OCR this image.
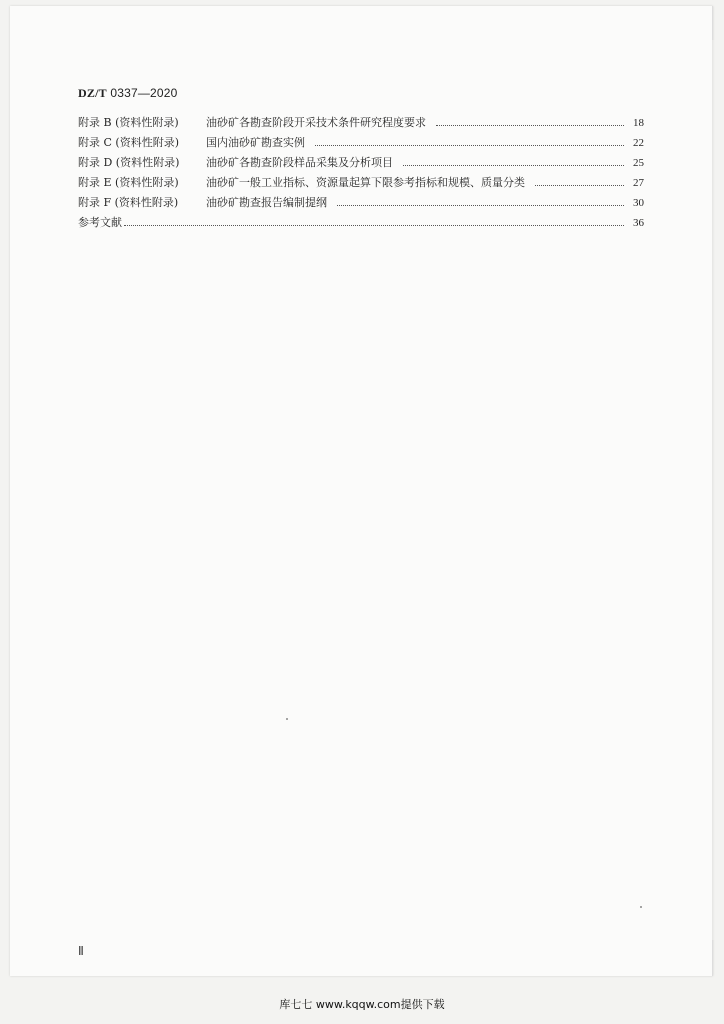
DZ/T 0337—2020
附录 B (资料性附录)	油砂矿各勘查阶段开采技术条件研究程度要求	18
附录 C (资料性附录)	国内油砂矿勘查实例	22
附录 D (资料性附录)	油砂矿各勘查阶段样品采集及分析项目	25
附录 E (资料性附录)	油砂矿一般工业指标、资源量起算下限参考指标和规模、质量分类	27
附录 F (资料性附录)	油砂矿勘查报告编制提纲	30
参考文献	36
Ⅱ
库七七 www.kqqw.com提供下载
